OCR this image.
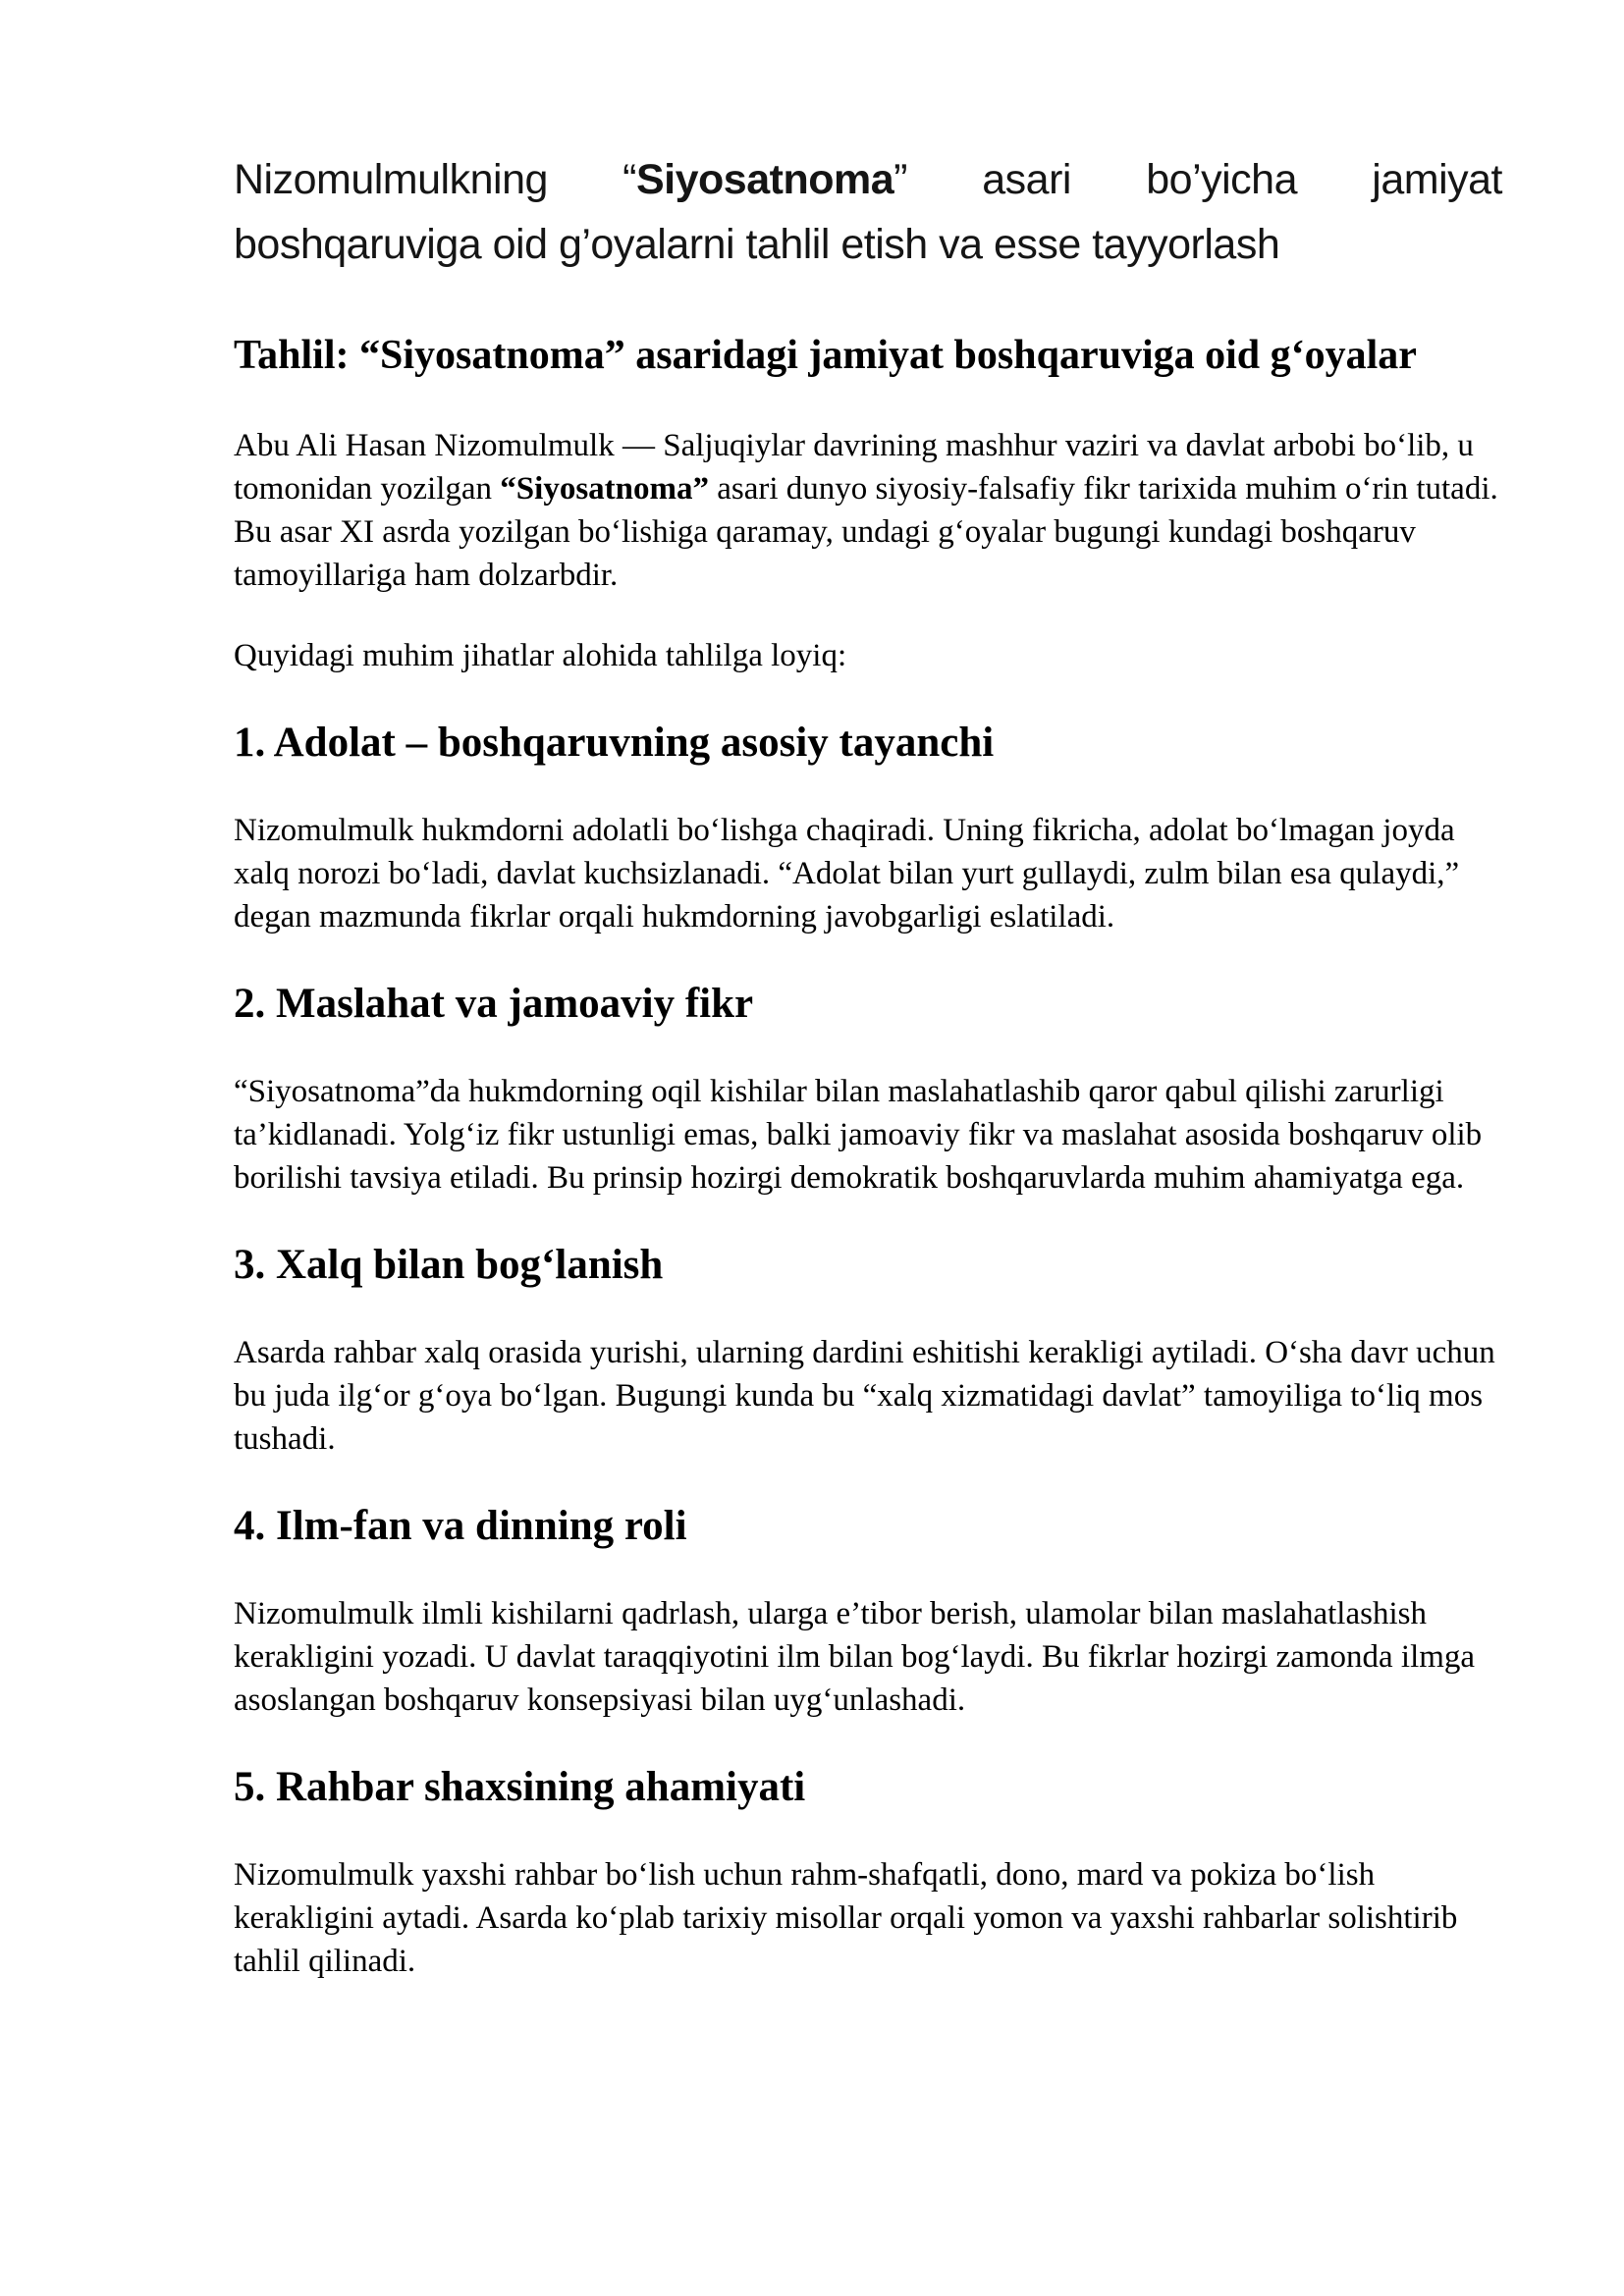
Nizomulmulkning “Siyosatnoma” asari bo’yicha jamiyat boshqaruviga oid g’oyalarni tahlil etish va esse tayyorlash
Tahlil: “Siyosatnoma” asaridagi jamiyat boshqaruviga oid g‘oyalar

Abu Ali Hasan Nizomulmulk — Saljuqiylar davrining mashhur vaziri va davlat arbobi bo‘lib, u tomonidan yozilgan “Siyosatnoma” asari dunyo siyosiy-falsafiy fikr tarixida muhim o‘rin tutadi. Bu asar XI asrda yozilgan bo‘lishiga qaramay, undagi g‘oyalar bugungi kundagi boshqaruv tamoyillariga ham dolzarbdir.

Quyidagi muhim jihatlar alohida tahlilga loyiq:

1. Adolat – boshqaruvning asosiy tayanchi

Nizomulmulk hukmdorni adolatli bo‘lishga chaqiradi. Uning fikricha, adolat bo‘lmagan joyda xalq norozi bo‘ladi, davlat kuchsizlanadi. “Adolat bilan yurt gullaydi, zulm bilan esa qulaydi,” degan mazmunda fikrlar orqali hukmdorning javobgarligi eslatiladi.

2. Maslahat va jamoaviy fikr

“Siyosatnoma”da hukmdorning oqil kishilar bilan maslahatlashib qaror qabul qilishi zarurligi ta’kidlanadi. Yolg‘iz fikr ustunligi emas, balki jamoaviy fikr va maslahat asosida boshqaruv olib borilishi tavsiya etiladi. Bu prinsip hozirgi demokratik boshqaruvlarda muhim ahamiyatga ega.

3. Xalq bilan bog‘lanish

Asarda rahbar xalq orasida yurishi, ularning dardini eshitishi kerakligi aytiladi. O‘sha davr uchun bu juda ilg‘or g‘oya bo‘lgan. Bugungi kunda bu “xalq xizmatidagi davlat” tamoyiliga to‘liq mos tushadi.

4. Ilm-fan va dinning roli

Nizomulmulk ilmli kishilarni qadrlash, ularga e’tibor berish, ulamolar bilan maslahatlashish kerakligini yozadi. U davlat taraqqiyotini ilm bilan bog‘laydi. Bu fikrlar hozirgi zamonda ilmga asoslangan boshqaruv konsepsiyasi bilan uyg‘unlashadi.

5. Rahbar shaxsining ahamiyati

Nizomulmulk yaxshi rahbar bo‘lish uchun rahm-shafqatli, dono, mard va pokiza bo‘lish kerakligini aytadi. Asarda ko‘plab tarixiy misollar orqali yomon va yaxshi rahbarlar solishtirib tahlil qilinadi.
